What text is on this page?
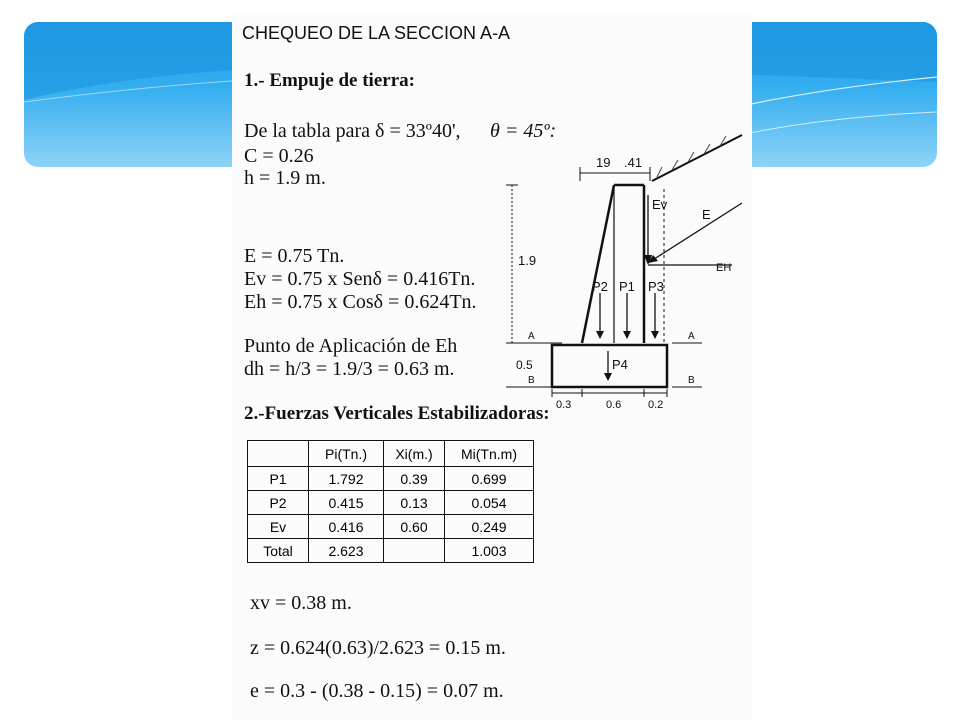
CHEQUEO DE LA SECCION A-A
1.- Empuje de tierra:
De la tabla para δ = 33º40', θ = 45º:
C = 0.26
h = 1.9 m.
E = 0.75 Tn.
Ev = 0.75 x Senδ = 0.416Tn.
Eh = 0.75 x Cosδ = 0.624Tn.
Punto de Aplicación de Eh
dh = h/3 = 1.9/3 = 0.63 m.
19 .41
1.9
0.5
A
B
A
B
0.3	0.6 0.2
Ev
E
EH
P2 P1 P3
P4
2.-Fuerzas Verticales Estabilizadoras:
	Pi(Tn.)	Xi(m.)	Mi(Tn.m)
P1	1.792	0.39	0.699
P2	0.415	0.13	0.054
Ev	0.416	0.60	0.249
Total	2.623		1.003
xv = 0.38 m.
z = 0.624(0.63)/2.623 = 0.15 m.
e = 0.3 - (0.38 - 0.15) = 0.07 m.
